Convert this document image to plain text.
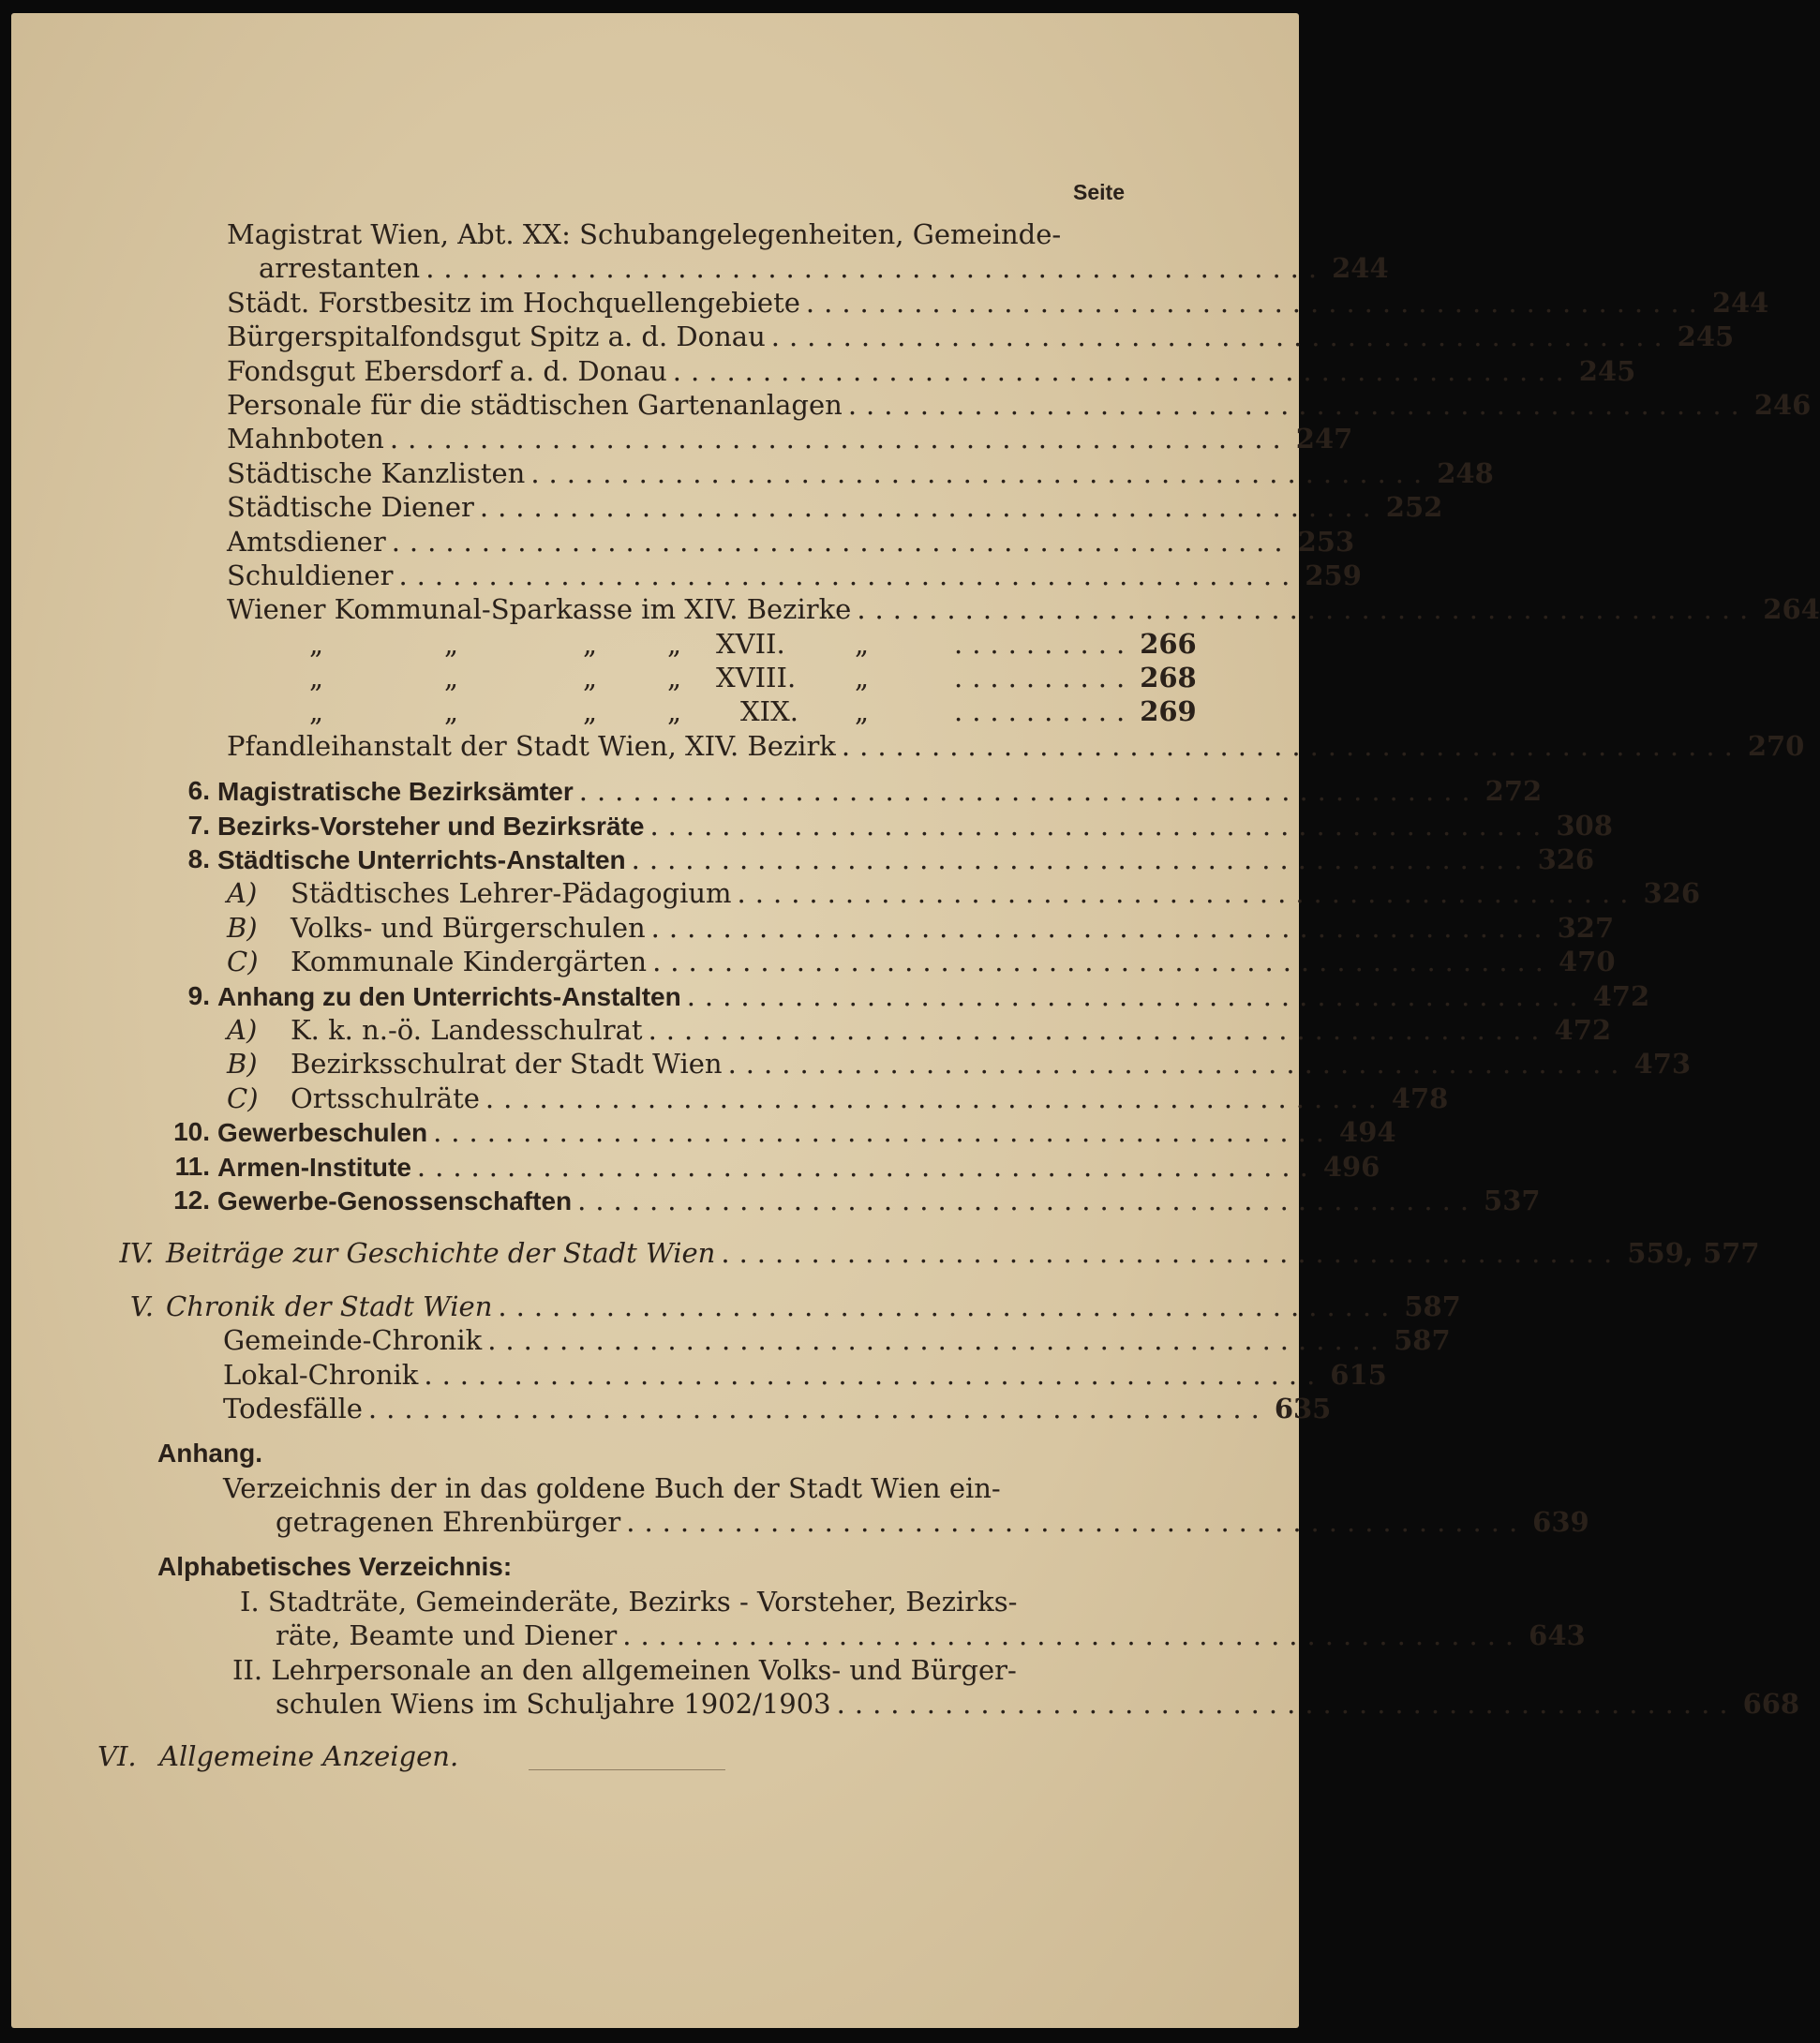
Seite
Magistrat Wien, Abt. XX: Schubangelegenheiten, Gemeinde-
arrestanten .................................................. 244
Städt. Forstbesitz im Hochquellengebiete .................................................. 244
Bürgerspitalfondsgut Spitz a. d. Donau .................................................. 245
Fondsgut Ebersdorf a. d. Donau .................................................. 245
Personale für die städtischen Gartenanlagen .................................................. 246
Mahnboten .................................................. 247
Städtische Kanzlisten .................................................. 248
Städtische Diener .................................................. 252
Amtsdiener .................................................. 253
Schuldiener .................................................. 259
Wiener Kommunal-Sparkasse im XIV. Bezirke .................................................. 264
„	„	„	„ XVII.	„	.......... 266
„	„	„	„ XVIII. „	.......... 268
„	„	„	„ XIX. „	.......... 269
Pfandleihanstalt der Stadt Wien, XIV. Bezirk .................................................. 270
6. Magistratische Bezirksämter .................................................. 272
7. Bezirks-Vorsteher und Bezirksräte .................................................. 308
8. Städtische Unterrichts-Anstalten .................................................. 326
A) Städtisches Lehrer-Pädagogium .................................................. 326
B) Volks- und Bürgerschulen .................................................. 327
C) Kommunale Kindergärten .................................................. 470
9. Anhang zu den Unterrichts-Anstalten .................................................. 472
A) K. k. n.-ö. Landesschulrat .................................................. 472
B) Bezirksschulrat der Stadt Wien .................................................. 473
C) Ortsschulräte .................................................. 478
10. Gewerbeschulen .................................................. 494
11. Armen-Institute .................................................. 496
12. Gewerbe-Genossenschaften .................................................. 537
IV. Beiträge zur Geschichte der Stadt Wien .................................................. 559, 577
V. Chronik der Stadt Wien .................................................. 587
Gemeinde-Chronik .................................................. 587
Lokal-Chronik .................................................. 615
Todesfälle .................................................. 635
Anhang.
Verzeichnis der in das goldene Buch der Stadt Wien ein-
getragenen Ehrenbürger .................................................. 639
Alphabetisches Verzeichnis:
I. Stadträte, Gemeinderäte, Bezirks - Vorsteher, Bezirks-
räte, Beamte und Diener .................................................. 643
II. Lehrpersonale an den allgemeinen Volks- und Bürger-
schulen Wiens im Schuljahre 1902/1903 .................................................. 668
VI. Allgemeine Anzeigen.
